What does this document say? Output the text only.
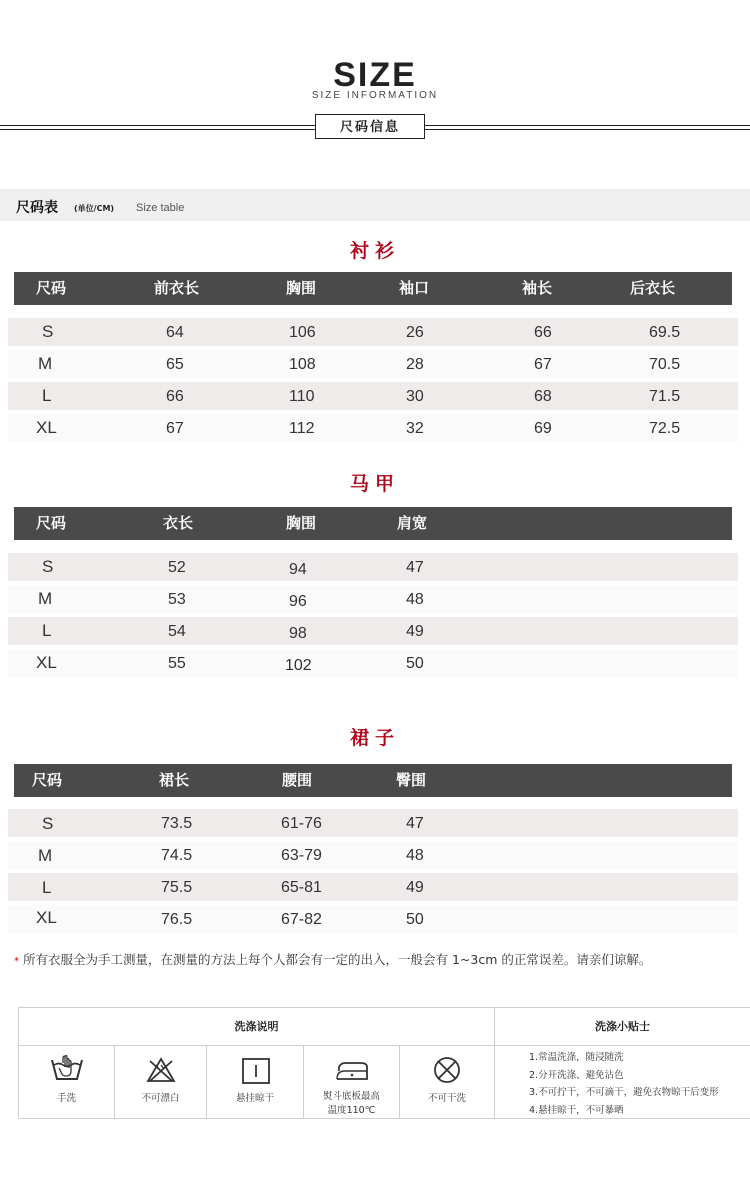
SIZE
SIZE INFORMATION
尺码信息
尺码表 (单位/CM) Size table
衬衫
尺码	前衣长	胸围	袖口	袖长	后衣长
S	64	106	26	66	69.5
M	65	108	28	67	70.5
L	66	110	30	68	71.5
XL	67	112	32	69	72.5
马甲
尺码	衣长	胸围	肩宽
S	52	94	47
M	53	96	48
L	54	98	49
XL	55	102	50
裙子
尺码	裙长	腰围	臀围
S	73.5	61-76	47
M	74.5	63-79	48
L	75.5	65-81	49
XL	76.5	67-82	50
* 所有衣服全为手工测量，在测量的方法上每个人都会有一定的出入，一般会有 1~3cm 的正常误差。请亲们谅解。
洗涤说明	洗涤小贴士
手洗	不可漂白	悬挂晾干	熨斗底板最高
温度110℃
不可干洗
1.常温洗涤，随浸随洗
2.分开洗涤、避免沾色
3.不可拧干，不可滴干，避免衣物晾干后变形
4.悬挂晾干，不可暴晒
